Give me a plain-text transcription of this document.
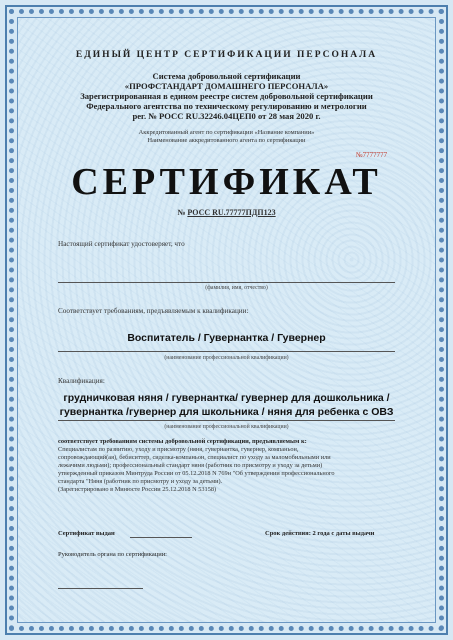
ЕДИНЫЙ ЦЕНТР СЕРТИФИКАЦИИ ПЕРСОНАЛА
Система добровольной сертификации
«ПРОФСТАНДАРТ ДОМАШНЕГО ПЕРСОНАЛА»
Зарегистрированная в едином реестре систем добровольной сертификации
Федерального агентства по техническому регулированию и метрологии
рег. № РОСС RU.32246.04ЦЕП0 от 28 мая 2020 г.
Аккредитованный агент по сертификации «Название компании»
Наименование аккредитованного агента по сертификации
№7777777
СЕРТИФИКАТ
№ РОСС RU.77777ПДП123
Настоящий сертификат удостоверяет, что
(фамилия, имя, отчество)
Соответствует требованиям, предъявляемым к квалификации:
Воспитатель / Гувернантка / Гувернер
(наименование профессиональной квалификации)
Квалификация:
грудничковая няня / гувернантка/ гувернер для дошкольника /
гувернантка /гувернер для школьника / няня для ребенка с ОВЗ
(наименование профессиональной квалификации)
соответствует требованиям системы добровольной сертификации, предъявляемым к:
Специалистам по развитию, уходу и присмотру (няня, гувернантка, гувернер, компаньон,
сопровождающий(ая), бебиситтер, сиделка-компаньон, специалист по уходу за маломобильными или
лежачими людьми); профессиональный стандарт няня (работник по присмотру и уходу за детьми)
утвержденный приказом Минтруда России от 05.12.2018 N 769н "Об утверждении профессионального
стандарта "Няня (работник по присмотру и уходу за детьми).
(Зарегистрировано в Минюсте России 25.12.2018 N 53158)
Сертификат выдан	Срок действия: 2 года с даты выдачи
Руководитель органа по сертификации:
